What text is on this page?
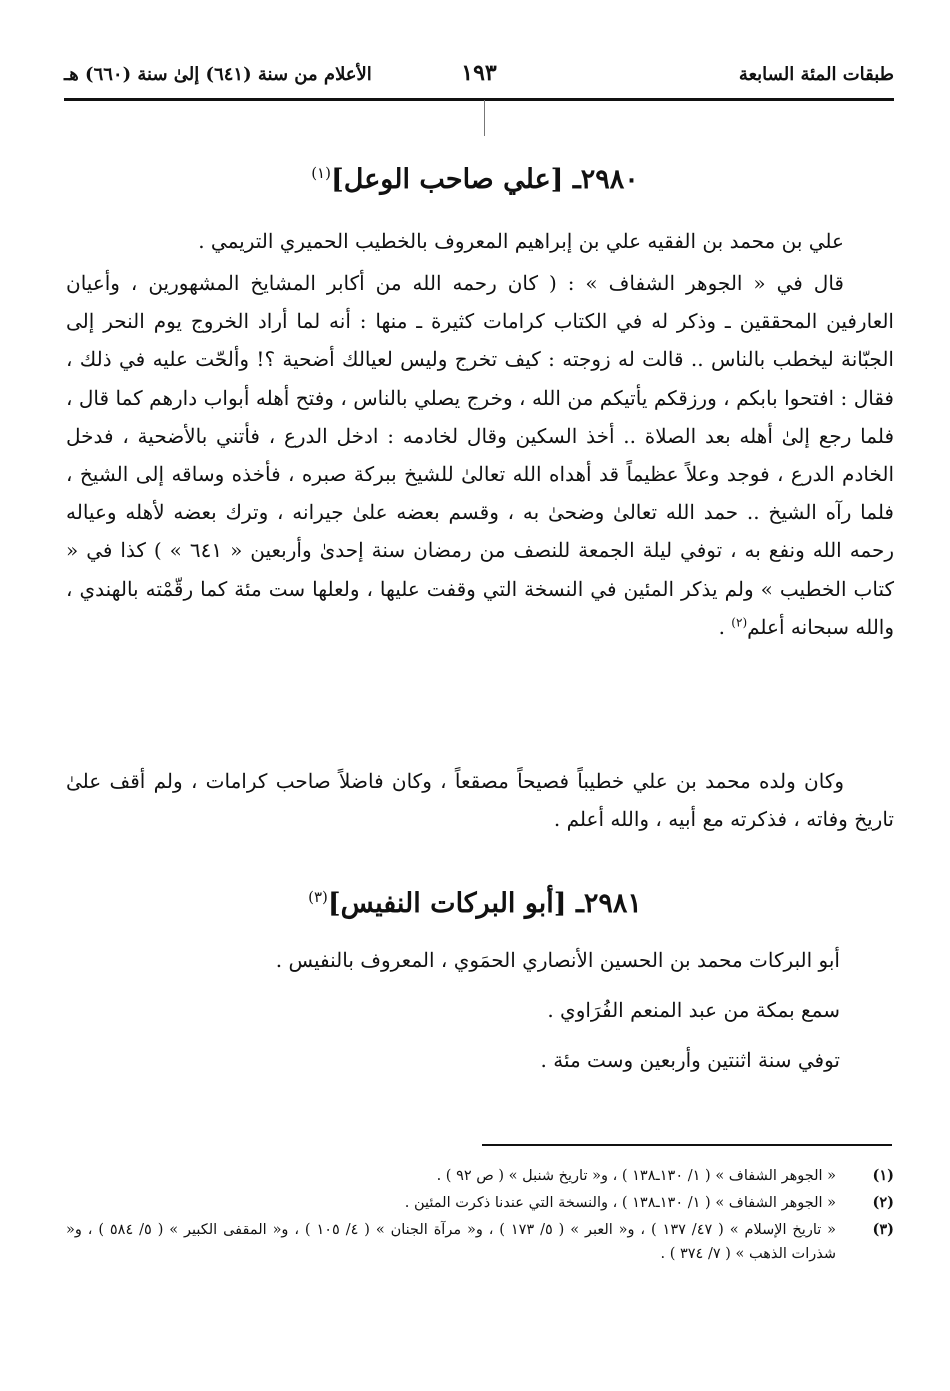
طبقات المئة السابعة
١٩٣
الأعلام من سنة (٦٤١) إلىٰ سنة (٦٦٠) هـ
٢٩٨٠ـ [علي صاحب الوعل]$^{(١)}$

علي بن محمد بن الفقيه علي بن إبراهيم المعروف بالخطيب الحميري التريمي .

قال في « الجوهر الشفاف » : ( كان رحمه الله من أكابر المشايخ المشهورين ، وأعيان العارفين المحققين ـ وذكر له في الكتاب كرامات كثيرة ـ منها : أنه لما أراد الخروج يوم النحر إلى الجبّانة ليخطب بالناس .. قالت له زوجته : كيف تخرج وليس لعيالك أضحية ؟! وألحّت عليه في ذلك ، فقال : افتحوا بابكم ، ورزقكم يأتيكم من الله ، وخرج يصلي بالناس ، وفتح أهله أبواب دارهم كما قال ، فلما رجع إلىٰ أهله بعد الصلاة .. أخذ السكين وقال لخادمه : ادخل الدرع ، فأتني بالأضحية ، فدخل الخادم الدرع ، فوجد وعلاً عظيماً قد أهداه الله تعالىٰ للشيخ ببركة صبره ، فأخذه وساقه إلى الشيخ ، فلما رآه الشيخ .. حمد الله تعالىٰ وضحىٰ به ، وقسم بعضه علىٰ جيرانه ، وترك بعضه لأهله وعياله رحمه الله ونفع به ، توفي ليلة الجمعة للنصف من رمضان سنة إحدىٰ وأربعين « ٦٤١ » ) كذا في « كتاب الخطيب » ولم يذكر المئين في النسخة التي وقفت عليها ، ولعلها ست مئة كما رقّمْته بالهندي ، والله سبحانه أعلم$^{(٢)}$ .

وكان ولده محمد بن علي خطيباً فصيحاً مصقعاً ، وكان فاضلاً صاحب كرامات ، ولم أقف علىٰ تاريخ وفاته ، فذكرته مع أبيه ، والله أعلم .

٢٩٨١ـ [أبو البركات النفيس]$^{(٣)}$
أبو البركات محمد بن الحسين الأنصاري الحمَوي ، المعروف بالنفيس .
سمع بمكة من عبد المنعم الفُرَاوي .
توفي سنة اثنتين وأربعين وست مئة .
(١)
« الجوهر الشفاف » ( ١/ ١٣٠ـ١٣٨ ) ، و« تاريخ شنبل » ( ص ٩٢ ) .
(٢)
« الجوهر الشفاف » ( ١/ ١٣٠ـ١٣٨ ) ، والنسخة التي عندنا ذكرت المئين .
(٣)
« تاريخ الإسلام » ( ٤٧/ ١٣٧ ) ، و« العبر » ( ٥/ ١٧٣ ) ، و« مرآة الجنان » ( ٤/ ١٠٥ ) ، و« المقفى الكبير » ( ٥/ ٥٨٤ ) ، و« شذرات الذهب » ( ٧/ ٣٧٤ ) .
